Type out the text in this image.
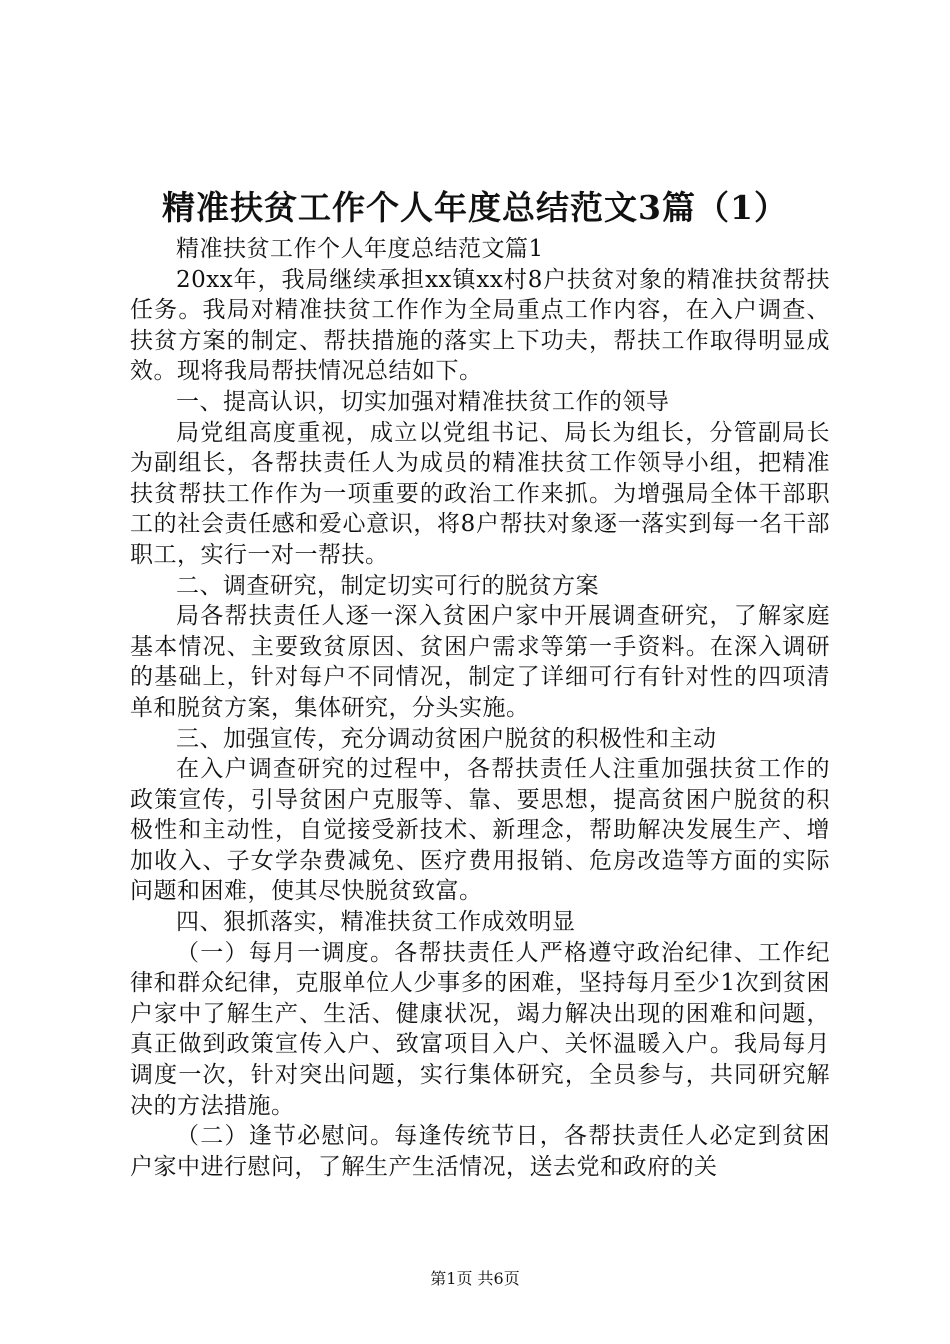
精准扶贫工作个人年度总结范文3篇（1）

精准扶贫工作个人年度总结范文篇1

20xx年，我局继续承担xx镇xx村8户扶贫对象的精准扶贫帮扶任务。我局对精准扶贫工作作为全局重点工作内容，在入户调查、扶贫方案的制定、帮扶措施的落实上下功夫，帮扶工作取得明显成效。现将我局帮扶情况总结如下。

一、提高认识，切实加强对精准扶贫工作的领导

局党组高度重视，成立以党组书记、局长为组长，分管副局长为副组长，各帮扶责任人为成员的精准扶贫工作领导小组，把精准扶贫帮扶工作作为一项重要的政治工作来抓。为增强局全体干部职工的社会责任感和爱心意识，将8户帮扶对象逐一落实到每一名干部职工，实行一对一帮扶。

二、调查研究，制定切实可行的脱贫方案

局各帮扶责任人逐一深入贫困户家中开展调查研究，了解家庭基本情况、主要致贫原因、贫困户需求等第一手资料。在深入调研的基础上，针对每户不同情况，制定了详细可行有针对性的四项清单和脱贫方案，集体研究，分头实施。

三、加强宣传，充分调动贫困户脱贫的积极性和主动

在入户调查研究的过程中，各帮扶责任人注重加强扶贫工作的政策宣传，引导贫困户克服等、靠、要思想，提高贫困户脱贫的积极性和主动性，自觉接受新技术、新理念，帮助解决发展生产、增加收入、子女学杂费减免、医疗费用报销、危房改造等方面的实际问题和困难，使其尽快脱贫致富。

四、狠抓落实，精准扶贫工作成效明显

（一）每月一调度。各帮扶责任人严格遵守政治纪律、工作纪律和群众纪律，克服单位人少事多的困难，坚持每月至少1次到贫困户家中了解生产、生活、健康状况，竭力解决出现的困难和问题，真正做到政策宣传入户、致富项目入户、关怀温暖入户。我局每月调度一次，针对突出问题，实行集体研究，全员参与，共同研究解决的方法措施。

（二）逢节必慰问。每逢传统节日，各帮扶责任人必定到贫困户家中进行慰问，了解生产生活情况，送去党和政府的关

第1页 共6页
